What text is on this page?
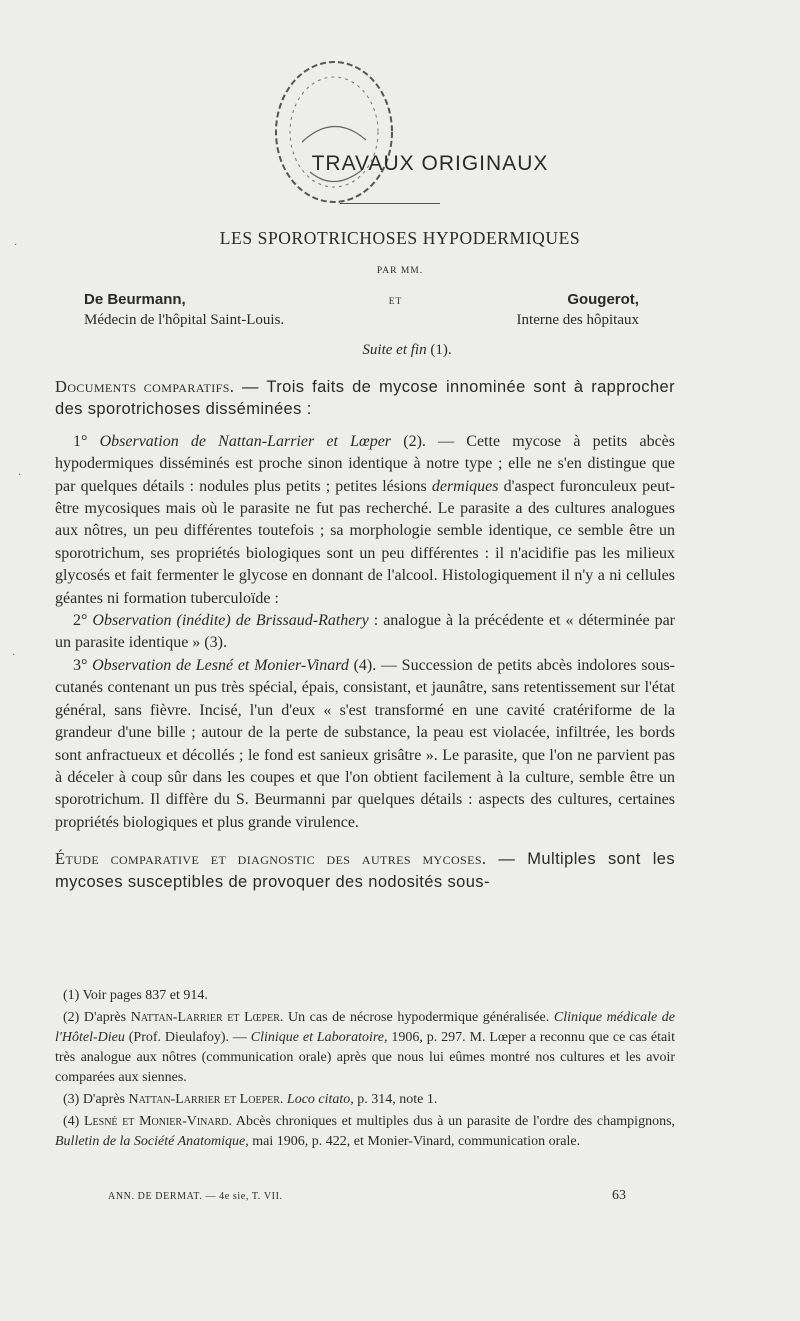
TRAVAUX ORIGINAUX
LES SPOROTRICHOSES HYPODERMIQUES
PAR MM.
De Beurmann,	ET	Gougerot,
Médecin de l'hôpital Saint-Louis.	Interne des hôpitaux
Suite et fin (1).

Documents comparatifs. — Trois faits de mycose innominée sont à rapprocher des sporotrichoses disséminées :

1° Observation de Nattan-Larrier et Lœper (2). — Cette mycose à petits abcès hypodermiques disséminés est proche sinon identique à notre type ; elle ne s'en distingue que par quelques détails : nodules plus petits ; petites lésions dermiques d'aspect furonculeux peut-être mycosiques mais où le parasite ne fut pas recherché. Le parasite a des cultures analogues aux nôtres, un peu différentes toutefois ; sa morphologie semble identique, ce semble être un sporotrichum, ses propriétés biologiques sont un peu différentes : il n'acidifie pas les milieux glycosés et fait fermenter le glycose en donnant de l'alcool. Histologiquement il n'y a ni cellules géantes ni formation tuberculoïde :

2° Observation (inédite) de Brissaud-Rathery : analogue à la précédente et « déterminée par un parasite identique » (3).

3° Observation de Lesné et Monier-Vinard (4). — Succession de petits abcès indolores sous-cutanés contenant un pus très spécial, épais, consistant, et jaunâtre, sans retentissement sur l'état général, sans fièvre. Incisé, l'un d'eux « s'est transformé en une cavité cratériforme de la grandeur d'une bille ; autour de la perte de substance, la peau est violacée, infiltrée, les bords sont anfractueux et décollés ; le fond est sanieux grisâtre ». Le parasite, que l'on ne parvient pas à déceler à coup sûr dans les coupes et que l'on obtient facilement à la culture, semble être un sporotrichum. Il diffère du S. Beurmanni par quelques détails : aspects des cultures, certaines propriétés biologiques et plus grande virulence.

Étude comparative et diagnostic des autres mycoses. — Multiples sont les mycoses susceptibles de provoquer des nodosités sous-

(1) Voir pages 837 et 914.

(2) D'après Nattan-Larrier et Lœper. Un cas de nécrose hypodermique généralisée. Clinique médicale de l'Hôtel-Dieu (Prof. Dieulafoy). — Clinique et Laboratoire, 1906, p. 297. M. Lœper a reconnu que ce cas était très analogue aux nôtres (communication orale) après que nous lui eûmes montré nos cultures et les avoir comparées aux siennes.

(3) D'après Nattan-Larrier et Loeper. Loco citato, p. 314, note 1.

(4) Lesné et Monier-Vinard. Abcès chroniques et multiples dus à un parasite de l'ordre des champignons, Bulletin de la Société Anatomique, mai 1906, p. 422, et Monier-Vinard, communication orale.

ANN. DE DERMAT. — 4e sie, T. VII.	63
·
·
·
